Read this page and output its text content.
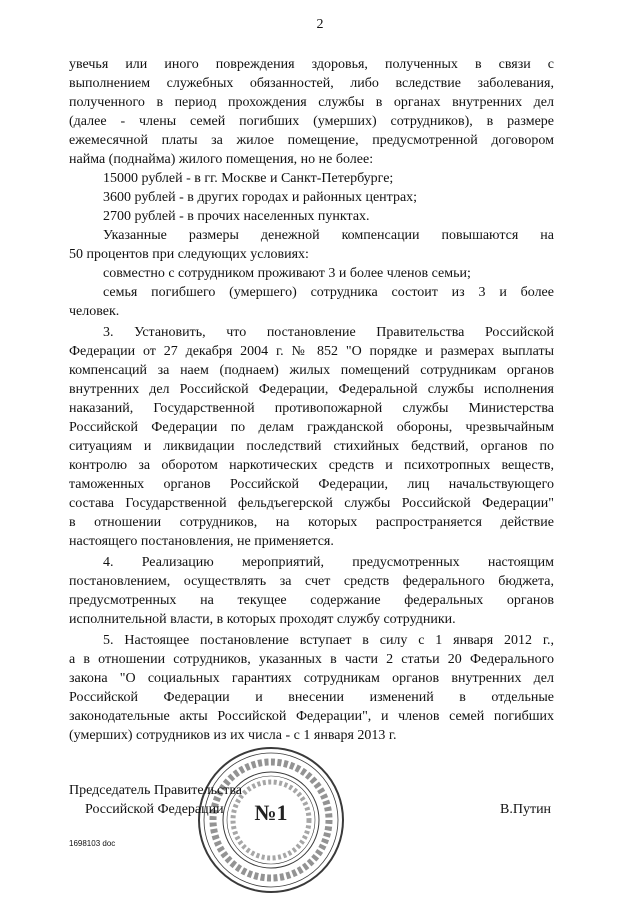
2
увечья или иного повреждения здоровья, полученных в связи с
выполнением служебных обязанностей, либо вследствие заболевания,
полученного в период прохождения службы в органах внутренних дел
(далее - члены семей погибших (умерших) сотрудников), в размере
ежемесячной платы за жилое помещение, предусмотренной договором
найма (поднайма) жилого помещения, но не более:
15000 рублей - в гг. Москве и Санкт-Петербурге;
3600 рублей - в других городах и районных центрах;
2700 рублей - в прочих населенных пунктах.
Указанные размеры денежной компенсации повышаются на
50 процентов при следующих условиях:
совместно с сотрудником проживают 3 и более членов семьи;
семья погибшего (умершего) сотрудника состоит из 3 и более
человек.
3. Установить, что постановление Правительства Российской
Федерации от 27 декабря 2004 г. № 852 "О порядке и размерах выплаты
компенсаций за наем (поднаем) жилых помещений сотрудникам органов
внутренних дел Российской Федерации, Федеральной службы исполнения
наказаний, Государственной противопожарной службы Министерства
Российской Федерации по делам гражданской обороны, чрезвычайным
ситуациям и ликвидации последствий стихийных бедствий, органов по
контролю за оборотом наркотических средств и психотропных веществ,
таможенных органов Российской Федерации, лиц начальствующего
состава Государственной фельдъегерской службы Российской Федерации"
в отношении сотрудников, на которых распространяется действие
настоящего постановления, не применяется.
4. Реализацию мероприятий, предусмотренных настоящим
постановлением, осуществлять за счет средств федерального бюджета,
предусмотренных на текущее содержание федеральных органов
исполнительной власти, в которых проходят службу сотрудники.
5. Настоящее постановление вступает в силу с 1 января 2012 г.,
а в отношении сотрудников, указанных в части 2 статьи 20 Федерального
закона "О социальных гарантиях сотрудникам органов внутренних дел
Российской Федерации и внесении изменений в отдельные
законодательные акты Российской Федерации", и членов семей погибших
(умерших) сотрудников из их числа - с 1 января 2013 г.
№1
Председатель Правительства
Российской Федерации	В.Путин
1698103 doc
